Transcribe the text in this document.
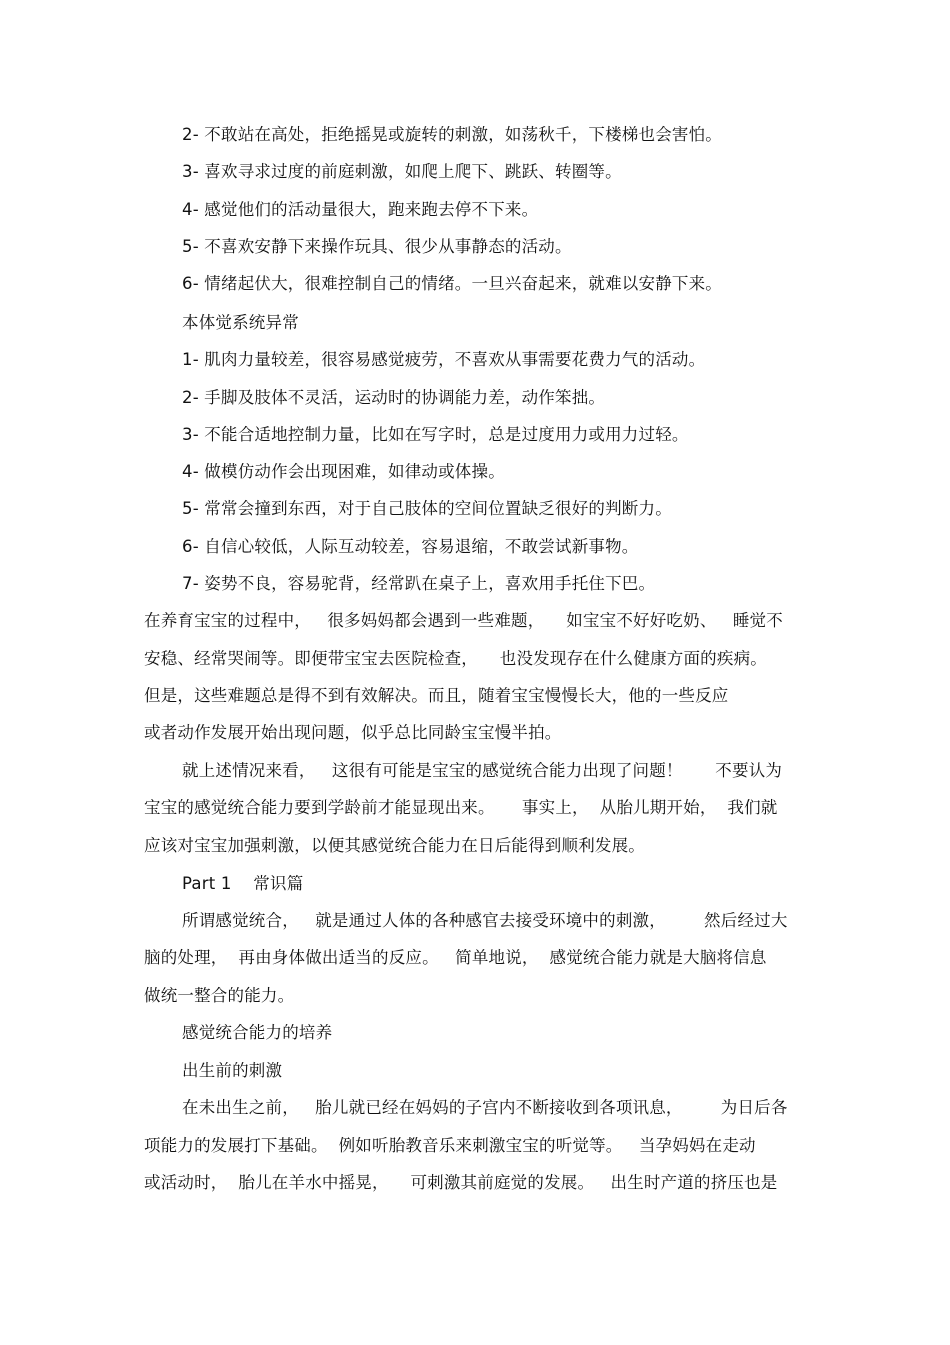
2- 不敢站在高处，拒绝摇晃或旋转的刺激，如荡秋千，下楼梯也会害怕。
3- 喜欢寻求过度的前庭刺激，如爬上爬下、跳跃、转圈等。
4- 感觉他们的活动量很大，跑来跑去停不下来。
5- 不喜欢安静下来操作玩具、很少从事静态的活动。
6- 情绪起伏大，很难控制自己的情绪。一旦兴奋起来，就难以安静下来。
本体觉系统异常
1- 肌肉力量较差，很容易感觉疲劳，不喜欢从事需要花费力气的活动。
2- 手脚及肢体不灵活，运动时的协调能力差，动作笨拙。
3- 不能合适地控制力量，比如在写字时，总是过度用力或用力过轻。
4- 做模仿动作会出现困难，如律动或体操。
5- 常常会撞到东西，对于自己肢体的空间位置缺乏很好的判断力。
6- 自信心较低，人际互动较差，容易退缩，不敢尝试新事物。
7- 姿势不良，容易驼背，经常趴在桌子上，喜欢用手托住下巴。
在养育宝宝的过程中，   很多妈妈都会遇到一些难题，    如宝宝不好好吃奶、   睡觉不
安稳、经常哭闹等。即便带宝宝去医院检查，    也没发现存在什么健康方面的疾病。
但是，这些难题总是得不到有效解决。而且，随着宝宝慢慢长大，他的一些反应
或者动作发展开始出现问题，似乎总比同龄宝宝慢半拍。
就上述情况来看，   这很有可能是宝宝的感觉统合能力出现了问题！      不要认为
宝宝的感觉统合能力要到学龄前才能显现出来。     事实上，  从胎儿期开始，  我们就
应该对宝宝加强刺激，以便其感觉统合能力在日后能得到顺利发展。
Part 1    常识篇
所谓感觉统合，   就是通过人体的各种感官去接受环境中的刺激，       然后经过大
脑的处理，  再由身体做出适当的反应。   简单地说，  感觉统合能力就是大脑将信息
做统一整合的能力。
感觉统合能力的培养
出生前的刺激
在未出生之前，   胎儿就已经在妈妈的子宫内不断接收到各项讯息，       为日后各
项能力的发展打下基础。  例如听胎教音乐来刺激宝宝的听觉等。   当孕妈妈在走动
或活动时，  胎儿在羊水中摇晃，    可刺激其前庭觉的发展。   出生时产道的挤压也是
